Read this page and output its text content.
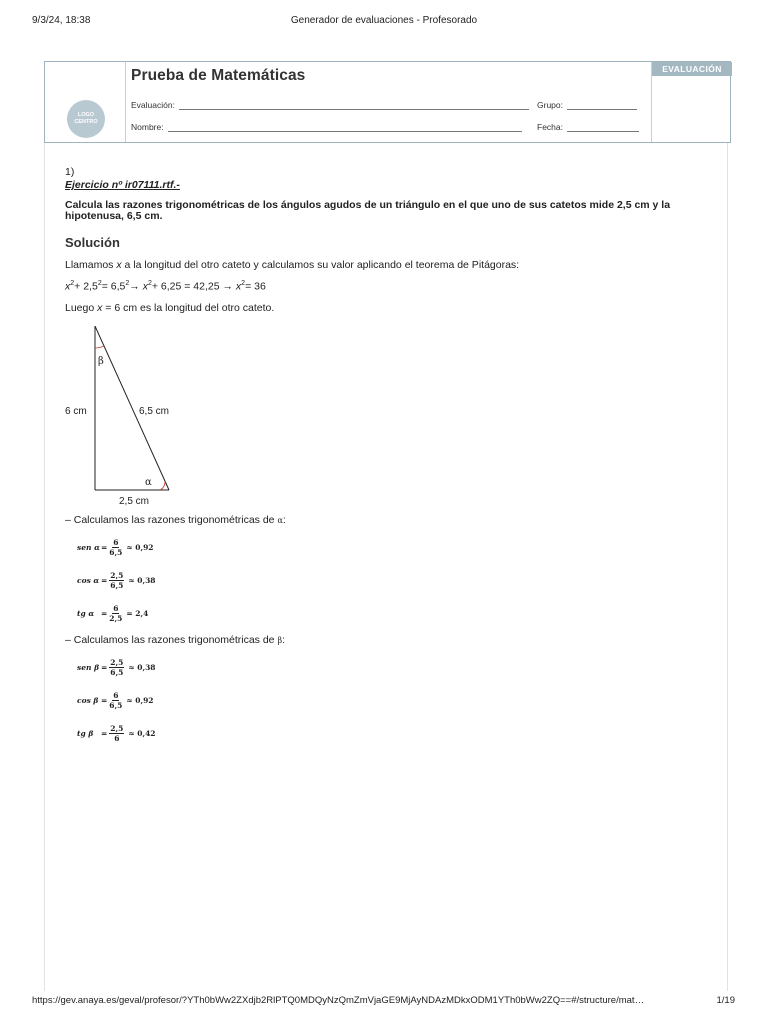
9/3/24, 18:38	Generador de evaluaciones - Profesorado
LOGO
CENTRO
Prueba de Matemáticas
Evaluación:	Grupo:
Nombre:	Fecha:
EVALUACIÓN
1)
Ejercicio nº ir07111.rtf.-
Calcula las razones trigonométricas de los ángulos agudos de un triángulo en el que uno de sus catetos mide 2,5 cm y la hipotenusa, 6,5 cm.
Solución
Llamamos x a la longitud del otro cateto y calculamos su valor aplicando el teorema de Pitágoras:
$x^2+ 2,5^2= 6,5^2\to x^2+ 6,25 = 42,25 \to x^2= 36$
Luego x = 6 cm es la longitud del otro cateto.
β
α
6 cm	6,5 cm
2,5 cm
– Calculamos las razones trigonométricas de α:
sen $\alpha = \frac{6}{6,5} \approx 0,92$
$\cos \alpha = \frac{2,5}{6,5} \approx 0,38$
tg $\alpha = \frac{6}{2,5} = 2,4$
– Calculamos las razones trigonométricas de β:
sen $\beta = \frac{2,5}{6,5} \approx 0,38$
$\cos \beta = \frac{6}{6,5} \approx 0,92$
tg β	= $\frac{2,5}{6} \approx 0,42$
https://gev.anaya.es/geval/profesor/?YTh0bWw2ZXdjb2RlPTQ0MDQyNzQmZmVjaGE9MjAyNDAzMDkxODM1YTh0bWw2ZQ==#/structure/mat…	1/19
